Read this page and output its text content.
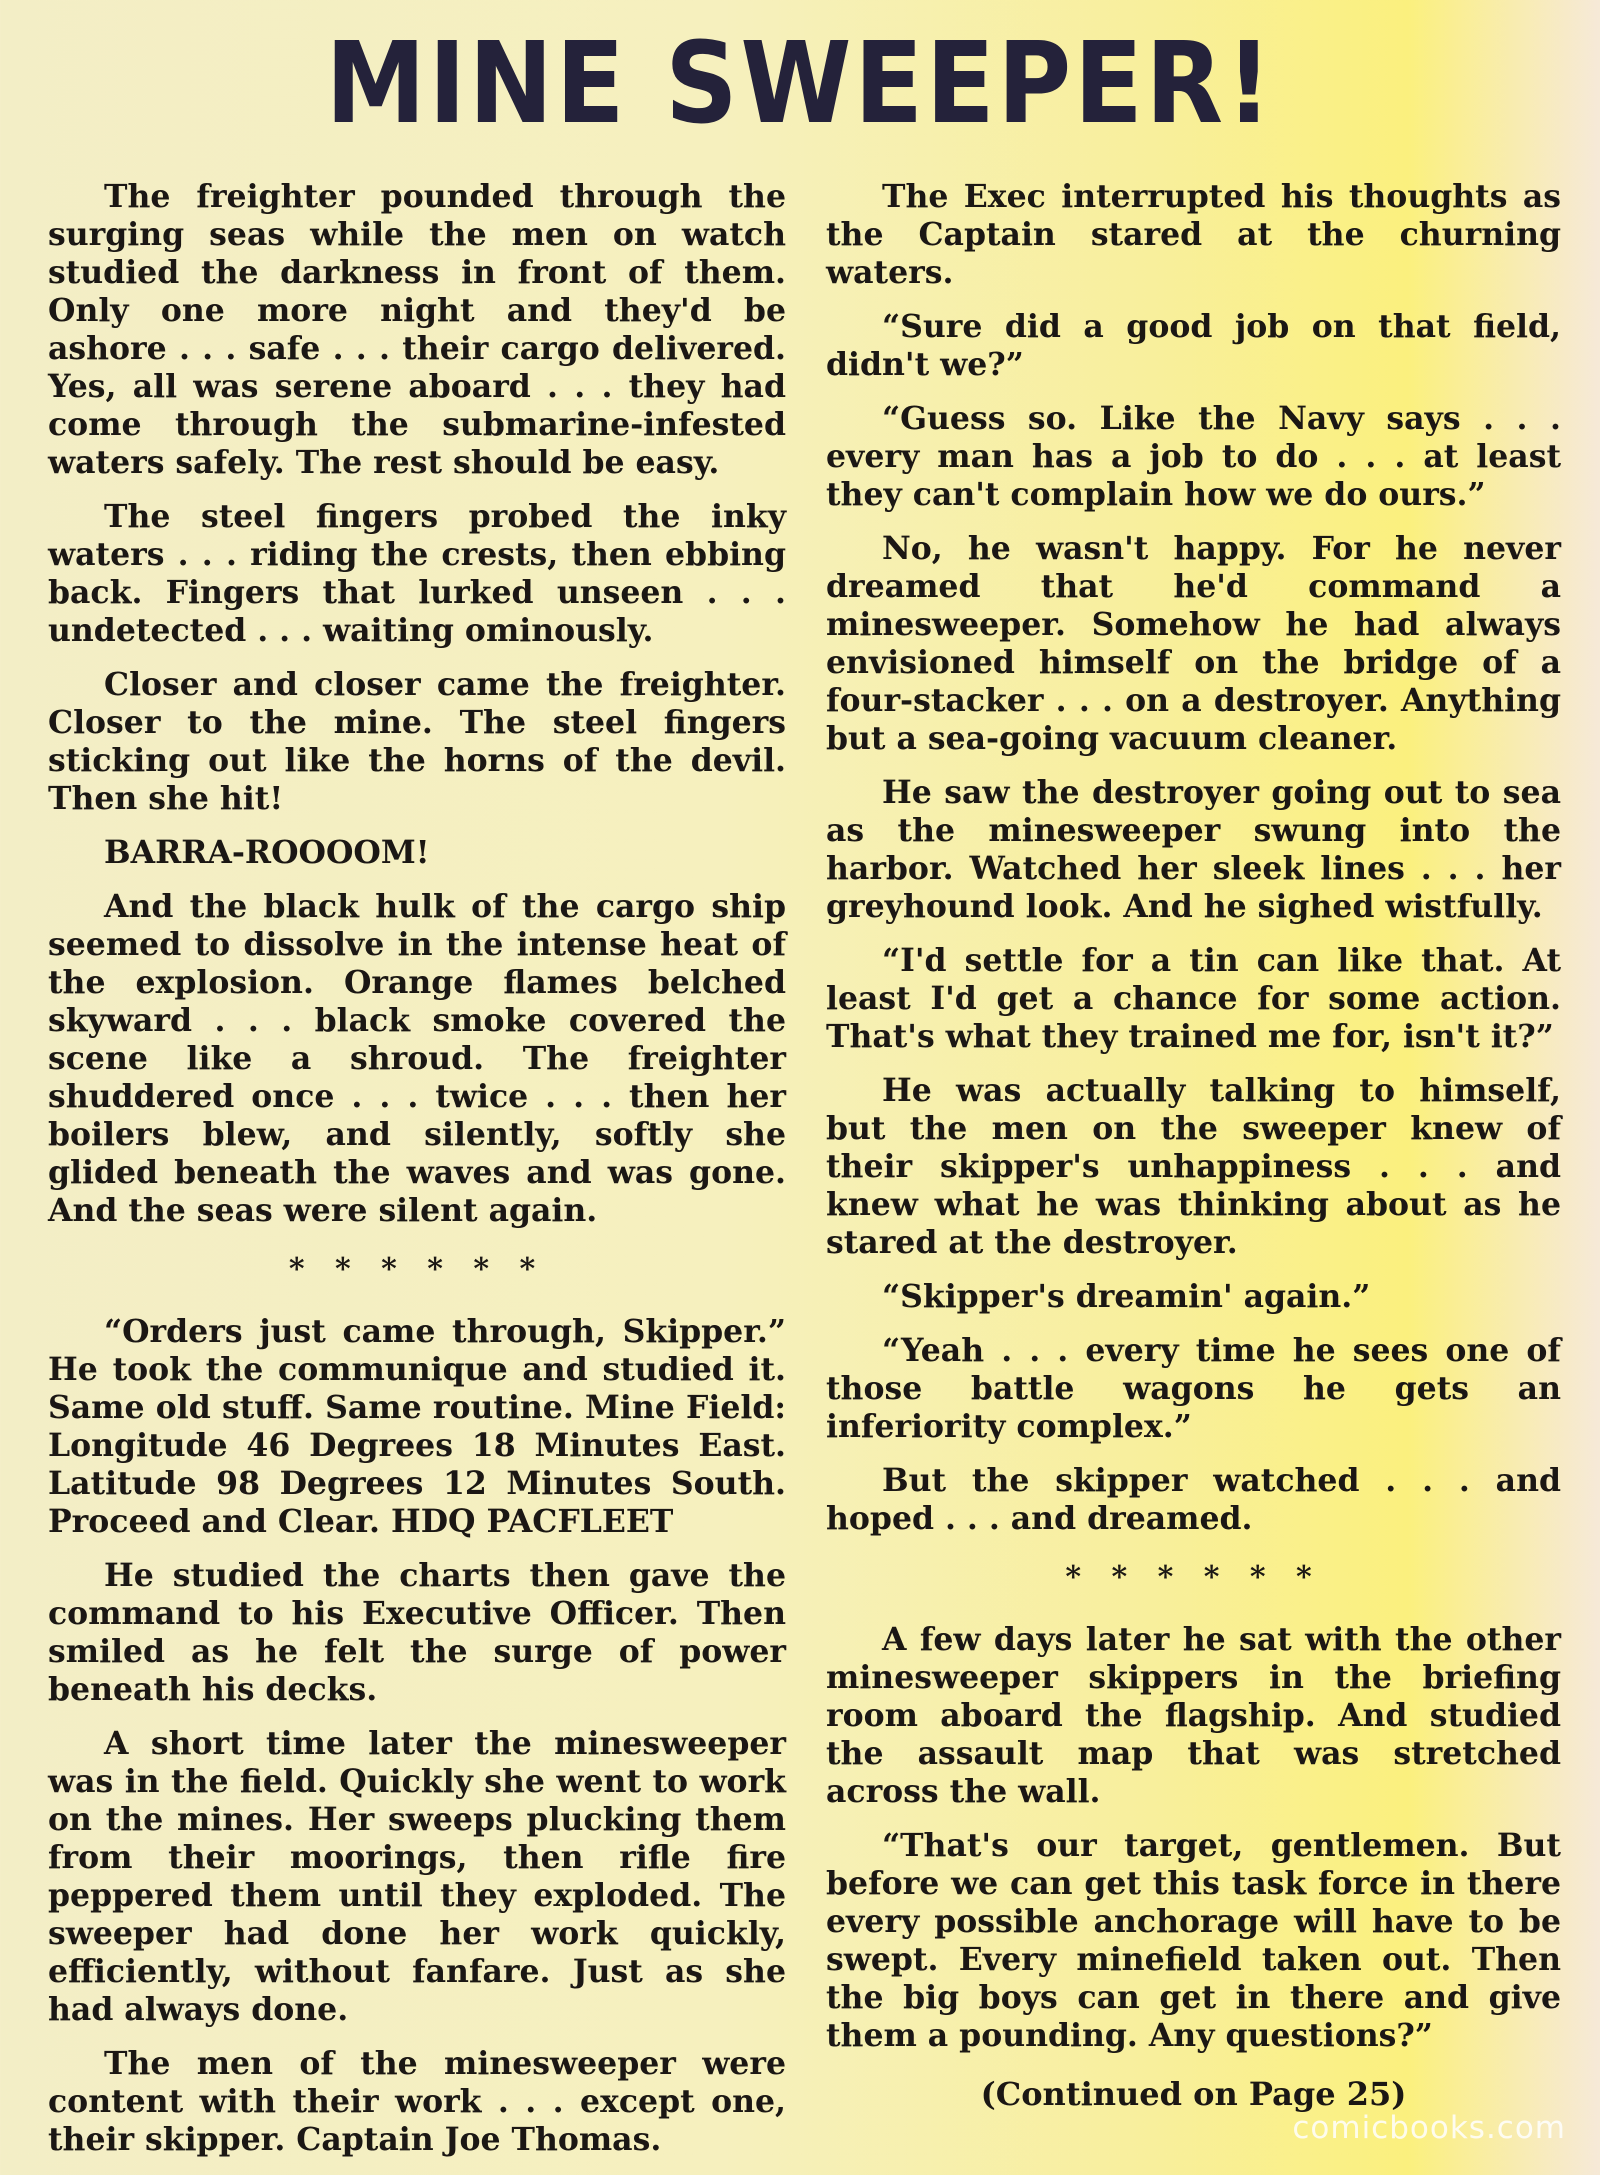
MINE SWEEPER!

The freighter pounded through the surging seas while the men on watch studied the darkness in front of them. Only one more night and they'd be ashore . . . safe . . . their cargo delivered. Yes, all was serene aboard . . . they had come through the submarine-infested waters safely. The rest should be easy.

The steel fingers probed the inky waters . . . riding the crests, then ebbing back. Fingers that lurked unseen . . . undetected . . . waiting ominously.

Closer and closer came the freighter. Closer to the mine. The steel fingers sticking out like the horns of the devil. Then she hit!

BARRA-ROOOOM!

And the black hulk of the cargo ship seemed to dissolve in the intense heat of the explosion. Orange flames belched skyward . . . black smoke covered the scene like a shroud. The freighter shuddered once . . . twice . . . then her boilers blew, and silently, softly she glided beneath the waves and was gone. And the seas were silent again.

* * * * * *

“Orders just came through, Skipper.” He took the communique and studied it. Same old stuff. Same routine. Mine Field: Longitude 46 Degrees 18 Minutes East. Latitude 98 Degrees 12 Minutes South. Proceed and Clear. HDQ PACFLEET

He studied the charts then gave the command to his Executive Officer. Then smiled as he felt the surge of power beneath his decks.

A short time later the minesweeper was in the field. Quickly she went to work on the mines. Her sweeps plucking them from their moorings, then rifle fire peppered them until they exploded. The sweeper had done her work quickly, efficiently, without fanfare. Just as she had always done.

The men of the minesweeper were content with their work . . . except one, their skipper. Captain Joe Thomas.

The Exec interrupted his thoughts as the Captain stared at the churning waters.

“Sure did a good job on that field, didn't we?”

“Guess so. Like the Navy says . . . every man has a job to do . . . at least they can't complain how we do ours.”

No, he wasn't happy. For he never dreamed that he'd command a minesweeper. Somehow he had always envisioned himself on the bridge of a four-stacker . . . on a destroyer. Anything but a sea-going vacuum cleaner.

He saw the destroyer going out to sea as the minesweeper swung into the harbor. Watched her sleek lines . . . her greyhound look. And he sighed wistfully.

“I'd settle for a tin can like that. At least I'd get a chance for some action. That's what they trained me for, isn't it?”

He was actually talking to himself, but the men on the sweeper knew of their skipper's unhappiness . . . and knew what he was thinking about as he stared at the destroyer.

“Skipper's dreamin' again.”

“Yeah . . . every time he sees one of those battle wagons he gets an inferiority complex.”

But the skipper watched . . . and hoped . . . and dreamed.

* * * * * *

A few days later he sat with the other minesweeper skippers in the briefing room aboard the flagship. And studied the assault map that was stretched across the wall.

“That's our target, gentlemen. But before we can get this task force in there every possible anchorage will have to be swept. Every minefield taken out. Then the big boys can get in there and give them a pounding. Any questions?”

(Continued on Page 25)
comicbooks.com
